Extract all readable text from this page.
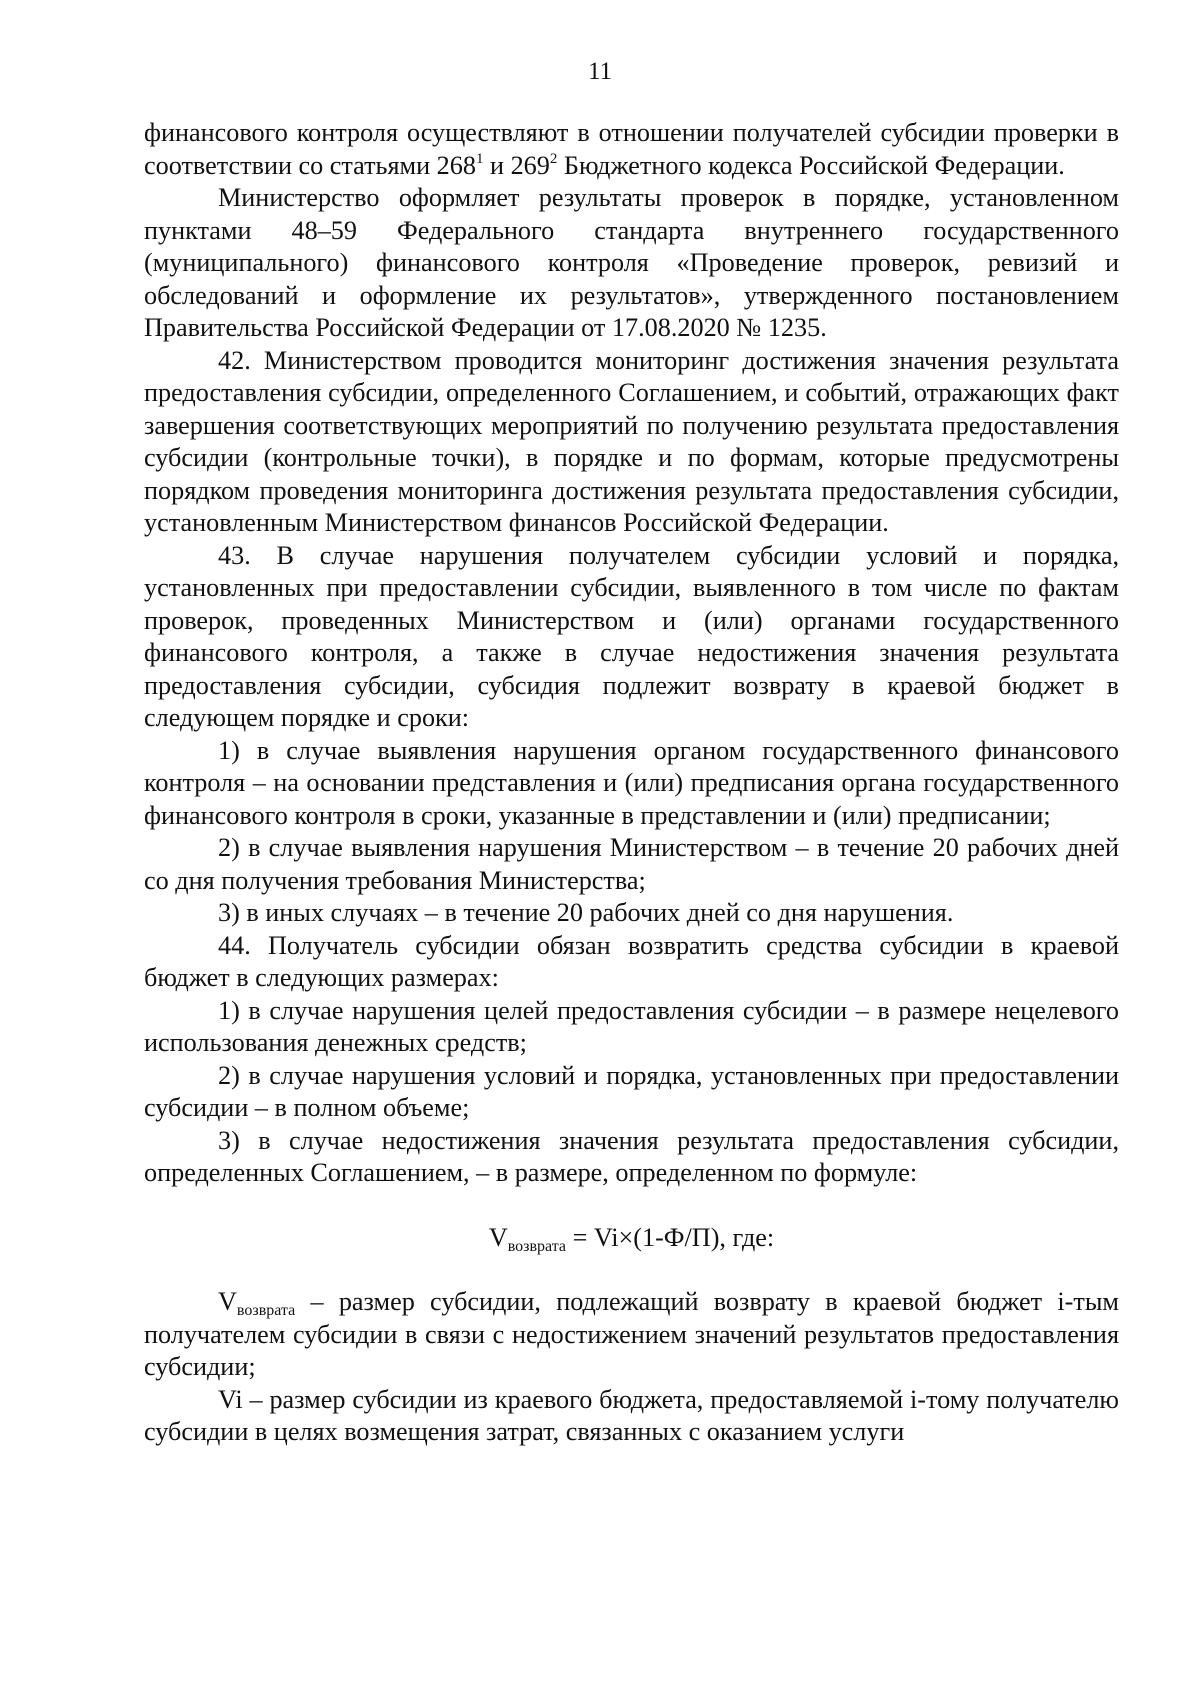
11

финансового контроля осуществляют в отношении получателей субсидии проверки в соответствии со статьями $268^1$ и $269^2$ Бюджетного кодекса Российской Федерации.

Министерство оформляет результаты проверок в порядке, установленном пунктами 48–59 Федерального стандарта внутреннего государственного (муниципального) финансового контроля «Проведение проверок, ревизий и обследований и оформление их результатов», утвержденного постановлением Правительства Российской Федерации от 17.08.2020 № 1235.

42. Министерством проводится мониторинг достижения значения результата предоставления субсидии, определенного Соглашением, и событий, отражающих факт завершения соответствующих мероприятий по получению результата предоставления субсидии (контрольные точки), в порядке и по формам, которые предусмотрены порядком проведения мониторинга достижения результата предоставления субсидии, установленным Министерством финансов Российской Федерации.

43. В случае нарушения получателем субсидии условий и порядка, установленных при предоставлении субсидии, выявленного в том числе по фактам проверок, проведенных Министерством и (или) органами государственного финансового контроля, а также в случае недостижения значения результата предоставления субсидии, субсидия подлежит возврату в краевой бюджет в следующем порядке и сроки:

1) в случае выявления нарушения органом государственного финансового контроля – на основании представления и (или) предписания органа государственного финансового контроля в сроки, указанные в представлении и (или) предписании;

2) в случае выявления нарушения Министерством – в течение 20 рабочих дней со дня получения требования Министерства;

3) в иных случаях – в течение 20 рабочих дней со дня нарушения.

44. Получатель субсидии обязан возвратить средства субсидии в краевой бюджет в следующих размерах:

1) в случае нарушения целей предоставления субсидии – в размере нецелевого использования денежных средств;

2) в случае нарушения условий и порядка, установленных при предоставлении субсидии – в полном объеме;

3) в случае недостижения значения результата предоставления субсидии, определенных Соглашением, – в размере, определенном по формуле:

$V_{возврата} = Vi\times(1-Ф/П)$, где:

$V_{возврата}$ – размер субсидии, подлежащий возврату в краевой бюджет i-тым получателем субсидии в связи с недостижением значений результатов предоставления субсидии;

Vi – размер субсидии из краевого бюджета, предоставляемой i-тому получателю субсидии в целях возмещения затрат, связанных с оказанием услуги
